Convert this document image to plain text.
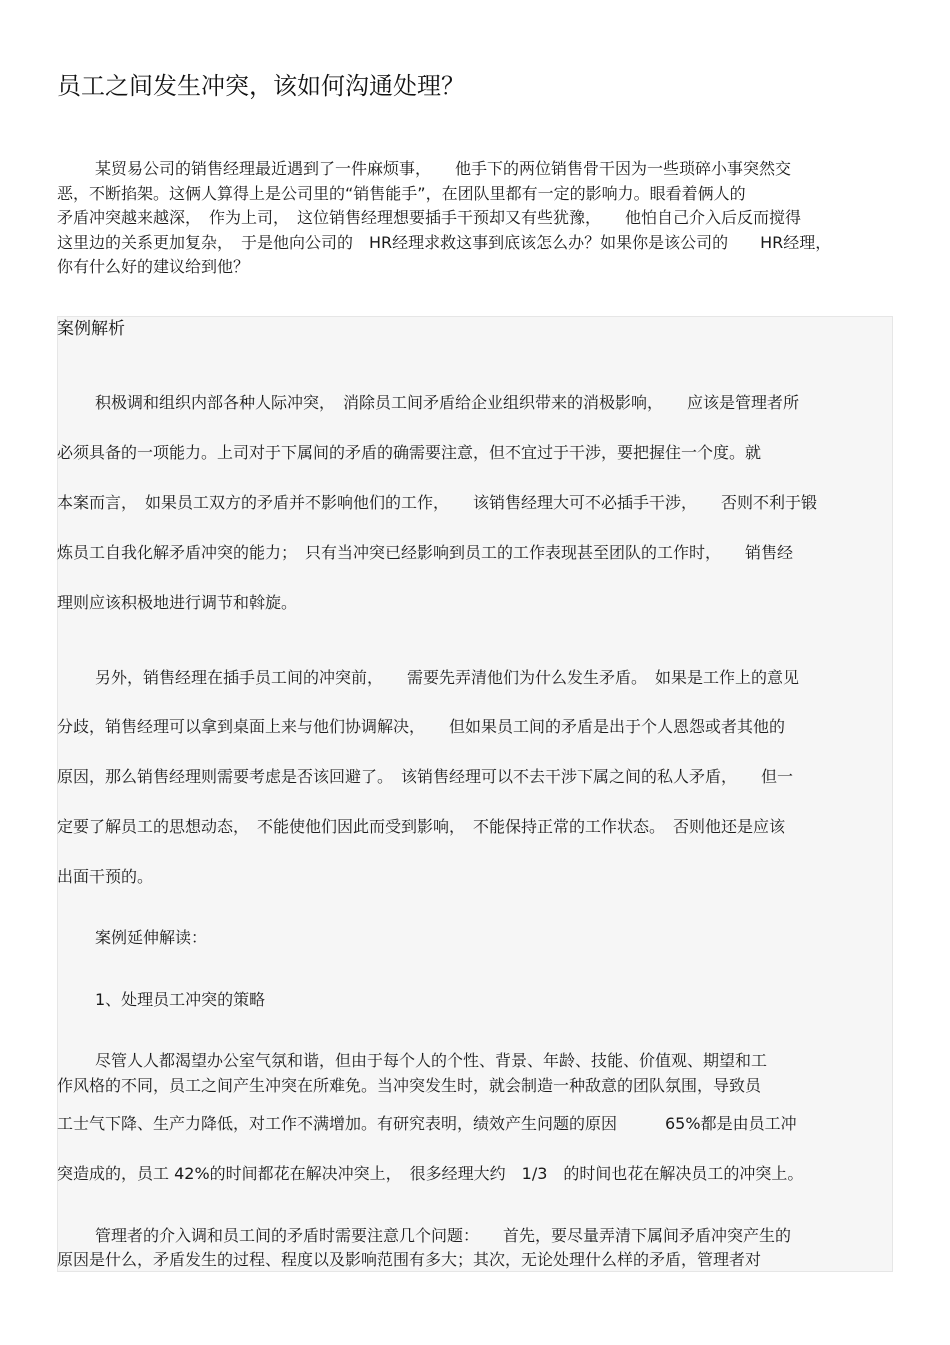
员工之间发生冲突，该如何沟通处理？
某贸易公司的销售经理最近遇到了一件麻烦事，　　他手下的两位销售骨干因为一些琐碎小事突然交
恶，不断掐架。这俩人算得上是公司里的“销售能手”，在团队里都有一定的影响力。眼看着俩人的
矛盾冲突越来越深，　作为上司，　这位销售经理想要插手干预却又有些犹豫，　　他怕自己介入后反而搅得
这里边的关系更加复杂，　于是他向公司的　HR经理求救这事到底该怎么办？如果你是该公司的　　HR经理，
你有什么好的建议给到他？
案例解析
积极调和组织内部各种人际冲突，　消除员工间矛盾给企业组织带来的消极影响，　　应该是管理者所
必须具备的一项能力。上司对于下属间的矛盾的确需要注意，但不宜过于干涉，要把握住一个度。就
本案而言，　如果员工双方的矛盾并不影响他们的工作，　　该销售经理大可不必插手干涉，　　否则不利于锻
炼员工自我化解矛盾冲突的能力；　只有当冲突已经影响到员工的工作表现甚至团队的工作时，　　销售经
理则应该积极地进行调节和斡旋。
另外，销售经理在插手员工间的冲突前，　　需要先弄清他们为什么发生矛盾。　如果是工作上的意见
分歧，销售经理可以拿到桌面上来与他们协调解决，　　但如果员工间的矛盾是出于个人恩怨或者其他的
原因，那么销售经理则需要考虑是否该回避了。　该销售经理可以不去干涉下属之间的私人矛盾，　　但一
定要了解员工的思想动态，　不能使他们因此而受到影响，　不能保持正常的工作状态。　否则他还是应该
出面干预的。
案例延伸解读：
1、处理员工冲突的策略
尽管人人都渴望办公室气氛和谐，但由于每个人的个性、背景、年龄、技能、价值观、期望和工
作风格的不同，员工之间产生冲突在所难免。当冲突发生时，就会制造一种敌意的团队氛围，导致员
工士气下降、生产力降低，对工作不满增加。有研究表明，绩效产生问题的原因　　　65%都是由员工冲
突造成的，员工 42%的时间都花在解决冲突上，　很多经理大约　1/3　的时间也花在解决员工的冲突上。
管理者的介入调和员工间的矛盾时需要注意几个问题：　　首先，要尽量弄清下属间矛盾冲突产生的
原因是什么，矛盾发生的过程、程度以及影响范围有多大；其次，无论处理什么样的矛盾，管理者对
